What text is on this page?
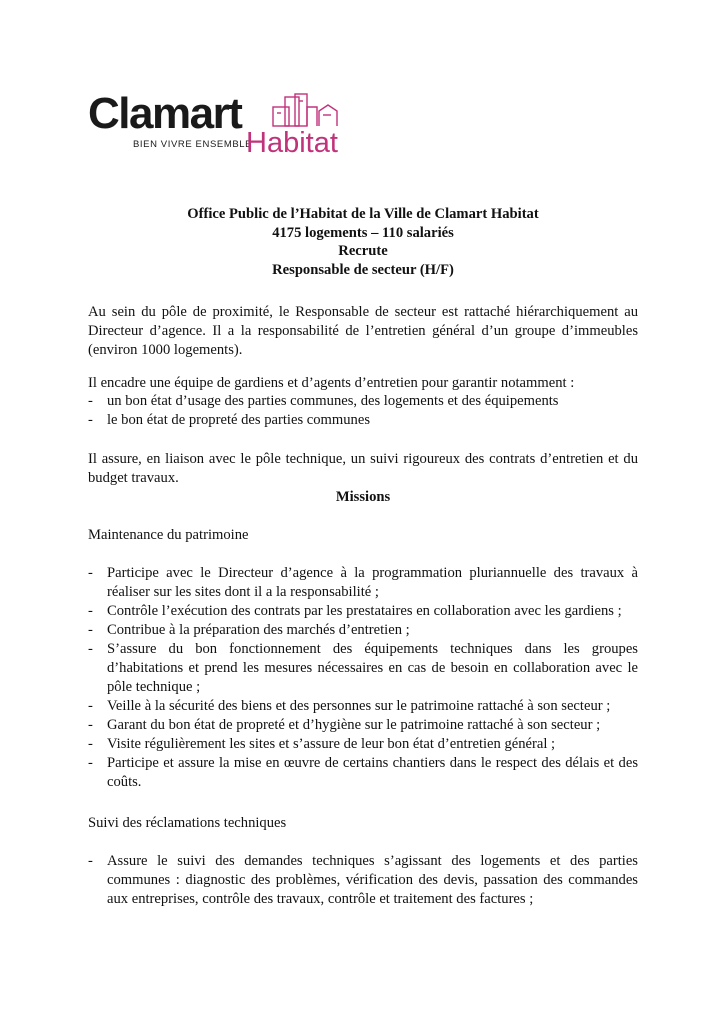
Clamart
BIEN VIVRE ENSEMBLE
Habitat
Office Public de l’Habitat de la Ville de Clamart Habitat
4175 logements – 110 salariés
Recrute
Responsable de secteur (H/F)
Au sein du pôle de proximité, le Responsable de secteur est rattaché hiérarchiquement au Directeur d’agence. Il a la responsabilité de l’entretien général d’un groupe d’immeubles (environ 1000 logements).
Il encadre une équipe de gardiens et d’agents d’entretien pour garantir notamment :
- un bon état d’usage des parties communes, des logements et des équipements
- le bon état de propreté des parties communes
Il assure, en liaison avec le pôle technique, un suivi rigoureux des contrats d’entretien et du budget travaux.
Missions
Maintenance du patrimoine
- Participe avec le Directeur d’agence à la programmation pluriannuelle des travaux à réaliser sur les sites dont il a la responsabilité ;
- Contrôle l’exécution des contrats par les prestataires en collaboration avec les gardiens ;
- Contribue à la préparation des marchés d’entretien ;
- S’assure du bon fonctionnement des équipements techniques dans les groupes d’habitations et prend les mesures nécessaires en cas de besoin en collaboration avec le pôle technique ;
- Veille à la sécurité des biens et des personnes sur le patrimoine rattaché à son secteur ;
- Garant du bon état de propreté et d’hygiène sur le patrimoine rattaché à son secteur ;
- Visite régulièrement les sites et s’assure de leur bon état d’entretien général ;
- Participe et assure la mise en œuvre de certains chantiers dans le respect des délais et des coûts.
Suivi des réclamations techniques
- Assure le suivi des demandes techniques s’agissant des logements et des parties communes : diagnostic des problèmes, vérification des devis, passation des commandes aux entreprises, contrôle des travaux, contrôle et traitement des factures ;
